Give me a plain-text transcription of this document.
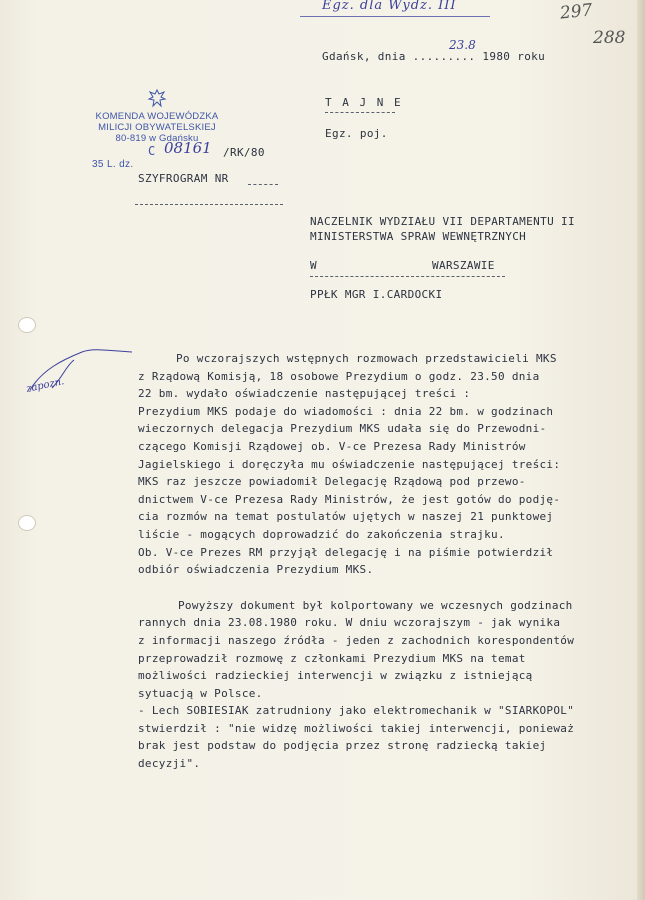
Egz. dla Wydz. III	297
288
Gdańsk, dnia ......... 1980 roku
23.8
T A J N E
Egz. poj.
KOMENDA WOJEWÓDZKA
MILICJI OBYWATELSKIEJ
80-819 w Gdańsku
35 L. dz.
C 08161 /RK/80
SZYFROGRAM NR
NACZELNIK WYDZIAŁU VII DEPARTAMENTU II
MINISTERSTWA SPRAW WEWNĘTRZNYCH
W	WARSZAWIE
PPŁK MGR I.CARDOCKI
zapozn.
Po wczorajszych wstępnych rozmowach przedstawicieli MKS
z Rządową Komisją, 18 osobowe Prezydium o godz. 23.50 dnia
22 bm. wydało oświadczenie następującej treści :
Prezydium MKS podaje do wiadomości : dnia 22 bm. w godzinach
wieczornych delegacja Prezydium MKS udała się do Przewodni-
czącego Komisji Rządowej ob. V-ce Prezesa Rady Ministrów
Jagielskiego i doręczyła mu oświadczenie następującej treści:
MKS raz jeszcze powiadomił Delegację Rządową pod przewo-
dnictwem V-ce Prezesa Rady Ministrów, że jest gotów do podję-
cia rozmów na temat postulatów ujętych w naszej 21 punktowej
liście - mogących doprowadzić do zakończenia strajku.
Ob. V-ce Prezes RM przyjął delegację i na piśmie potwierdził
odbiór oświadczenia Prezydium MKS.
Powyższy dokument był kolportowany we wczesnych godzinach
rannych dnia 23.08.1980 roku. W dniu wczorajszym - jak wynika
z informacji naszego źródła - jeden z zachodnich korespondentów
przeprowadził rozmowę z członkami Prezydium MKS na temat
możliwości radzieckiej interwencji w związku z istniejącą
sytuacją w Polsce.
- Lech SOBIESIAK zatrudniony jako elektromechanik w "SIARKOPOL"
stwierdził : "nie widzę możliwości takiej interwencji, ponieważ
brak jest podstaw do podjęcia przez stronę radziecką takiej
decyzji".
